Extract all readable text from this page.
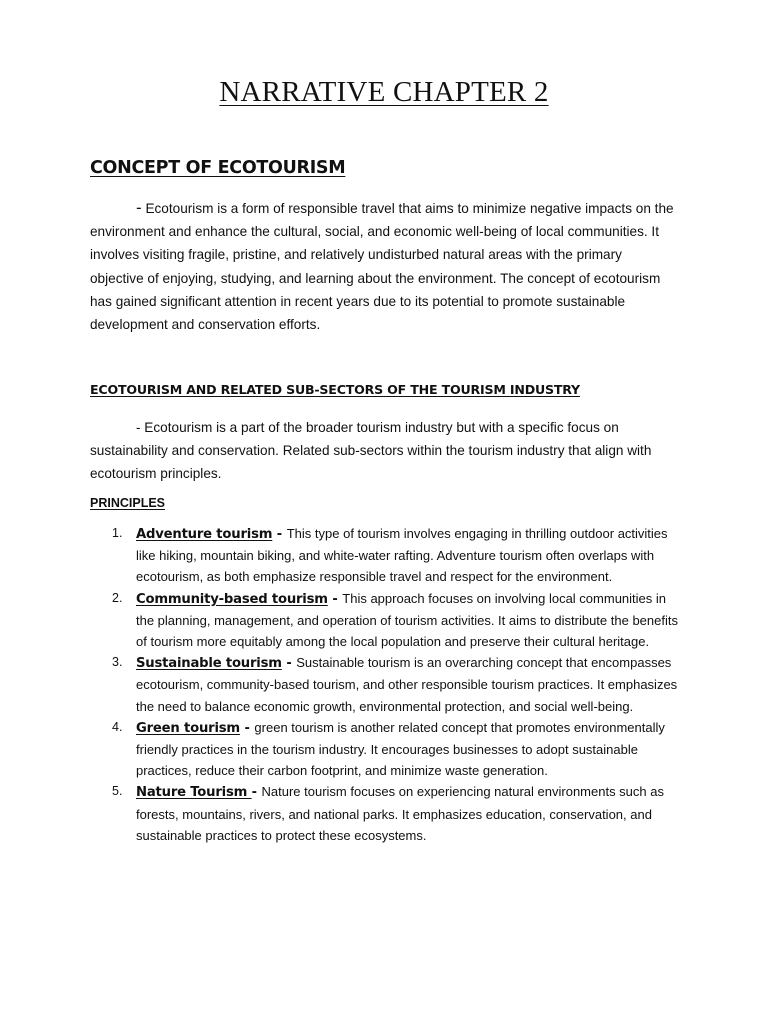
NARRATIVE CHAPTER 2
CONCEPT OF ECOTOURISM

- Ecotourism is a form of responsible travel that aims to minimize negative impacts on the environment and enhance the cultural, social, and economic well-being of local communities. It involves visiting fragile, pristine, and relatively undisturbed natural areas with the primary objective of enjoying, studying, and learning about the environment. The concept of ecotourism has gained significant attention in recent years due to its potential to promote sustainable development and conservation efforts.

ECOTOURISM AND RELATED SUB-SECTORS OF THE TOURISM INDUSTRY

- Ecotourism is a part of the broader tourism industry but with a specific focus on sustainability and conservation. Related sub-sectors within the tourism industry that align with ecotourism principles.

PRINCIPLES
1. Adventure tourism - This type of tourism involves engaging in thrilling outdoor activities like hiking, mountain biking, and white-water rafting. Adventure tourism often overlaps with ecotourism, as both emphasize responsible travel and respect for the environment.
2. Community-based tourism - This approach focuses on involving local communities in the planning, management, and operation of tourism activities. It aims to distribute the benefits of tourism more equitably among the local population and preserve their cultural heritage.
3. Sustainable tourism - Sustainable tourism is an overarching concept that encompasses ecotourism, community-based tourism, and other responsible tourism practices. It emphasizes the need to balance economic growth, environmental protection, and social well-being.
4. Green tourism - green tourism is another related concept that promotes environmentally friendly practices in the tourism industry. It encourages businesses to adopt sustainable practices, reduce their carbon footprint, and minimize waste generation.
5. Nature Tourism - Nature tourism focuses on experiencing natural environments such as forests, mountains, rivers, and national parks. It emphasizes education, conservation, and sustainable practices to protect these ecosystems.
